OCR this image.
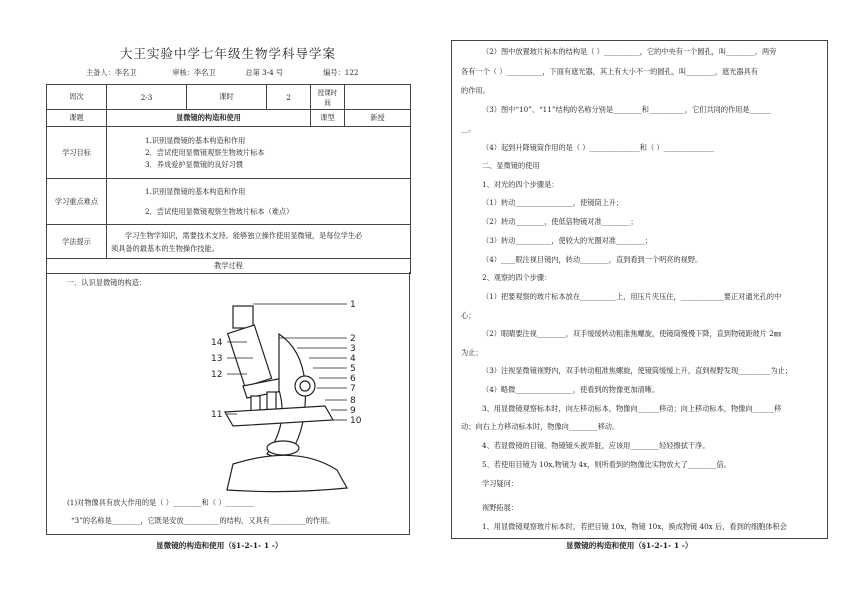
大王实验中学七年级生物学科导学案
主备人：李名卫	审核：李名卫	总第 3-4 号	编号：122
周次	2-3	课时	2	授课时间	
课题	显微镜的构造和使用			课型	新授
学习目标	1.识别显微镜的基本构造和作用
2．尝试使用显微镜观察生物玻片标本
3．养成爱护显微镜的良好习惯				

学习重点难点	1.识别显微镜的基本构造和作用
2．尝试使用显微镜观察生物玻片标本（难点）				

学法提示	学习生物学知识，需要技术支持。能够独立操作使用显微镜，是每位学生必
须具备的最基本的生物操作技能。				

教学过程					
一．认识显微镜的构造：
1
2
3
4
5
6
7
8
9
10
14
13
12
11
(1)对物像具有放大作用的是（ ）________和（ ）________
“3”的名称是________，它既是安放__________的结构，又具有__________的作用。
显微镜的构造和使用（§1-2-1- 1 -）
（2）图中放置玻片标本的结构是（ ）__________，它的中央有一个圆孔，叫________。两旁
各有一个（ ）__________，下面有遮光器，其上有大小不一的圆孔，叫________，遮光器具有
的作用。
（3）图中“10”、“11”结构的名称分别是________和__________，它们共同的作用是______
__。
（4）起到升降镜筒作用的是（ ）______________和（ ）______________
二、显微镜的使用
1、对光的四个步骤是：
（1）转动________________，使镜筒上升；
（2）转动________，使低倍物镜对准________；
（3）转动__________，使较大的光圈对准________；
（4）____眼注视目镜内，转动________，直到看到一个明亮的视野。
2、观察的四个步骤：
（1）把要观察的玻片标本放在__________上，用压片夹压住，____________要正对通光孔的中
心；
（2）眼睛要注视________，双手缓缓转动粗准焦螺旋，使镜筒慢慢下降，直到物镜距玻片 2㎜
为止；
（3）注视显微镜视野内，双手转动粗准焦螺旋，使镜筒缓缓上升，直到视野发现_________为止；
（4）略微________________，使看到的物像更加清晰。
3、用显微镜观察标本时，向左移动标本，物像向______移动；向上移动标本，物像向______移
动；向右上方移动标本时，物像向________移动。
4、若显微镜的目镜、物镜镜头被弄脏，应该用________轻轻擦拭干净。
5、若使用目镜为 10x,物镜为 4x，则所看到的物像比实物放大了________倍。
学习疑问：
视野拓展：
1、用显微镜观察玻片标本时，若把目镜 10x，物镜 10x，换成物镜 40x 后，看到的细胞体积会
显微镜的构造和使用（§1-2-1- 1 -）
